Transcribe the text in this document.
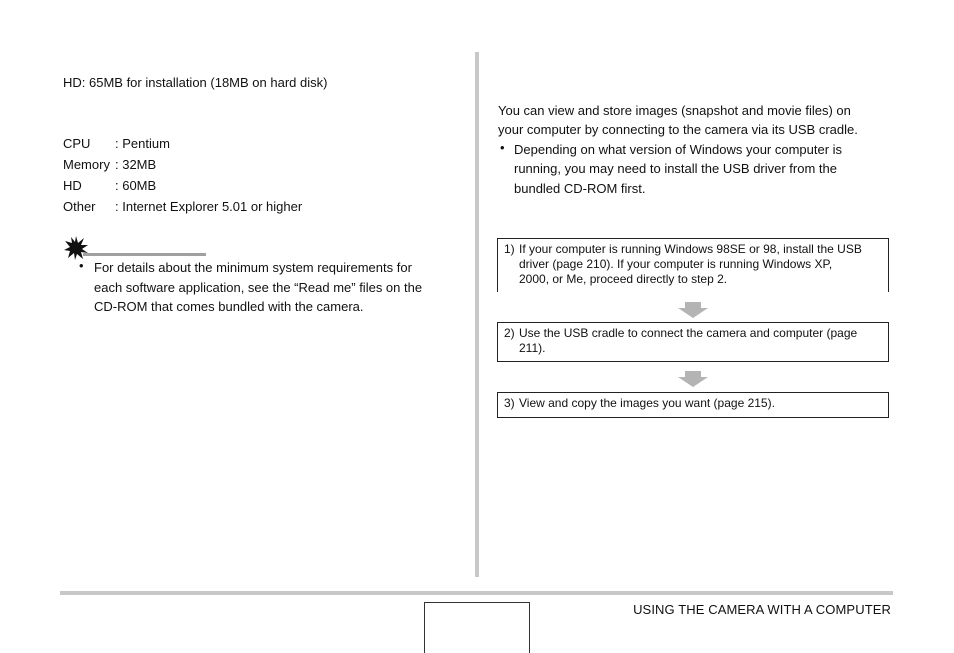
USING THE CAMERA WITH A COMPUTER
HD: 65MB for installation (18MB on hard disk)
CPU : Pentium
Memory : 32MB
HD	: 60MB
Other : Internet Explorer 5.01 or higher
• For details about the minimum system requirements for
each software application, see the “Read me” files on the
CD-ROM that comes bundled with the camera.
You can view and store images (snapshot and movie files) on
your computer by connecting to the camera via its USB cradle.
• Depending on what version of Windows your computer is
running, you may need to install the USB driver from the
bundled CD-ROM first.
1) If your computer is running Windows 98SE or 98, install the USB
driver (page 210). If your computer is running Windows XP,
2000, or Me, proceed directly to step 2.
2) Use the USB cradle to connect the camera and computer (page
211).
3) View and copy the images you want (page 215).
